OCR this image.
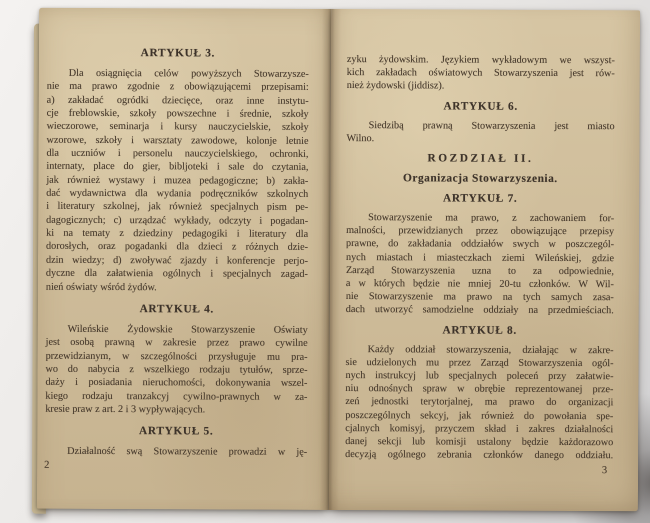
ARTYKUŁ 3.
Dla osiągnięcia celów powyższych Stowarzysze-
nie ma prawo zgodnie z obowiązującemi przepisami:
a) zakładać ogródki dziecięce, oraz inne instytu-
cje freblowskie, szkoły powszechne i średnie, szkoły
wieczorowe, seminarja i kursy nauczycielskie, szkoły
wzorowe, szkoły i warsztaty zawodowe, kolonje letnie
dla uczniów i personelu nauczycielskiego, ochronki,
internaty, place do gier, bibljoteki i sale do czytania,
jak również wystawy i muzea pedagogiczne; b) zakła-
dać wydawnictwa dla wydania podręczników szkolnych
i literatury szkolnej, jak również specjalnych pism pe-
dagogicznych; c) urządzać wykłady, odczyty i pogadan-
ki na tematy z dziedziny pedagogiki i literatury dla
dorosłych, oraz pogadanki dla dzieci z różnych dzie-
dzin wiedzy; d) zwoływać zjazdy i konferencje perjo-
dyczne dla załatwienia ogólnych i specjalnych zagad-
nień oświaty wśród żydów.
ARTYKUŁ 4.
Wileńskie Żydowskie Stowarzyszenie Oświaty
jest osobą prawną w zakresie przez prawo cywilne
przewidzianym, w szczególności przysługuje mu pra-
wo do nabycia z wszelkiego rodzaju tytułów, sprze-
daży i posiadania nieruchomości, dokonywania wszel-
kiego rodzaju tranzakcyj cywilno-prawnych w za-
kresie praw z art. 2 i 3 wypływających.
ARTYKUŁ 5.
Działalność swą Stowarzyszenie prowadzi w ję-
2
zyku żydowskim. Językiem wykładowym we wszyst-
kich zakładach oświatowych Stowarzyszenia jest rów-
nież żydowski (jiddisz).
ARTYKUŁ 6.
Siedzibą prawną Stowarzyszenia jest miasto
Wilno.
ROZDZIAŁ II.
Organizacja Stowarzyszenia.
ARTYKUŁ 7.
Stowarzyszenie ma prawo, z zachowaniem for-
malności, przewidzianych przez obowiązujące przepisy
prawne, do zakładania oddziałów swych w poszczegól-
nych miastach i miasteczkach ziemi Wileńskiej, gdzie
Zarząd Stowarzyszenia uzna to za odpowiednie,
a w których będzie nie mniej 20-tu członków. W Wil-
nie Stowarzyszenie ma prawo na tych samych zasa-
dach utworzyć samodzielne oddziały na przedmieściach.
ARTYKUŁ 8.
Każdy oddział stowarzyszenia, działając w zakre-
sie udzielonych mu przez Zarząd Stowarzyszenia ogól-
nych instrukcyj lub specjalnych poleceń przy załatwie-
niu odnośnych spraw w obrębie reprezentowanej prze-
zeń jednostki terytorjalnej, ma prawo do organizacji
poszczególnych sekcyj, jak również do powołania spe-
cjalnych komisyj, przyczem skład i zakres działalności
danej sekcji lub komisji ustalony będzie każdorazowo
decyzją ogólnego zebrania członków danego oddziału.
3
